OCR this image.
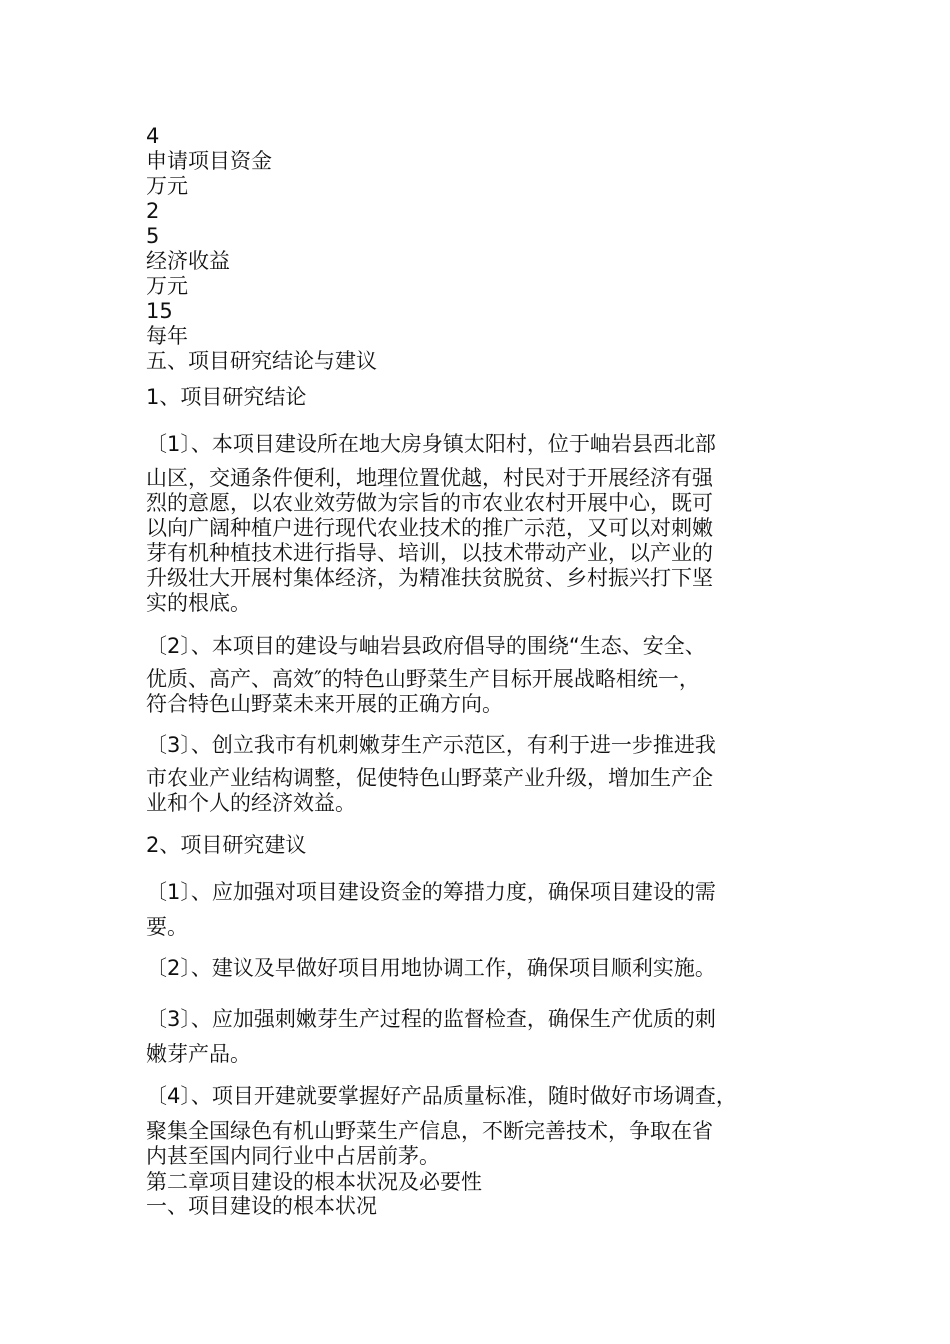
4
申请项目资金
万元
2
5
经济收益
万元
15
每年
五、项目研究结论与建议
1、项目研究结论

〔1〕、本项目建设所在地大房身镇太阳村，位于岫岩县西北部

山区，交通条件便利，地理位置优越，村民对于开展经济有强

烈的意愿，以农业效劳做为宗旨的市农业农村开展中心，既可

以向广阔种植户进行现代农业技术的推广示范，又可以对刺嫩

芽有机种植技术进行指导、培训，以技术带动产业，以产业的

升级壮大开展村集体经济，为精准扶贫脱贫、乡村振兴打下坚

实的根底。

〔2〕、本项目的建设与岫岩县政府倡导的围绕“生态、安全、

优质、高产、高效″的特色山野菜生产目标开展战略相统一，

符合特色山野菜未来开展的正确方向。

〔3〕、创立我市有机刺嫩芽生产示范区，有利于进一步推进我

市农业产业结构调整，促使特色山野菜产业升级，增加生产企

业和个人的经济效益。

2、项目研究建议

〔1〕、应加强对项目建设资金的筹措力度，确保项目建设的需

要。

〔2〕、建议及早做好项目用地协调工作，确保项目顺利实施。

〔3〕、应加强刺嫩芽生产过程的监督检查，确保生产优质的刺

嫩芽产品。

〔4〕、项目开建就要掌握好产品质量标准，随时做好市场调查，

聚集全国绿色有机山野菜生产信息，不断完善技术，争取在省

内甚至国内同行业中占居前茅。

第二章项目建设的根本状况及必要性
一、项目建设的根本状况
